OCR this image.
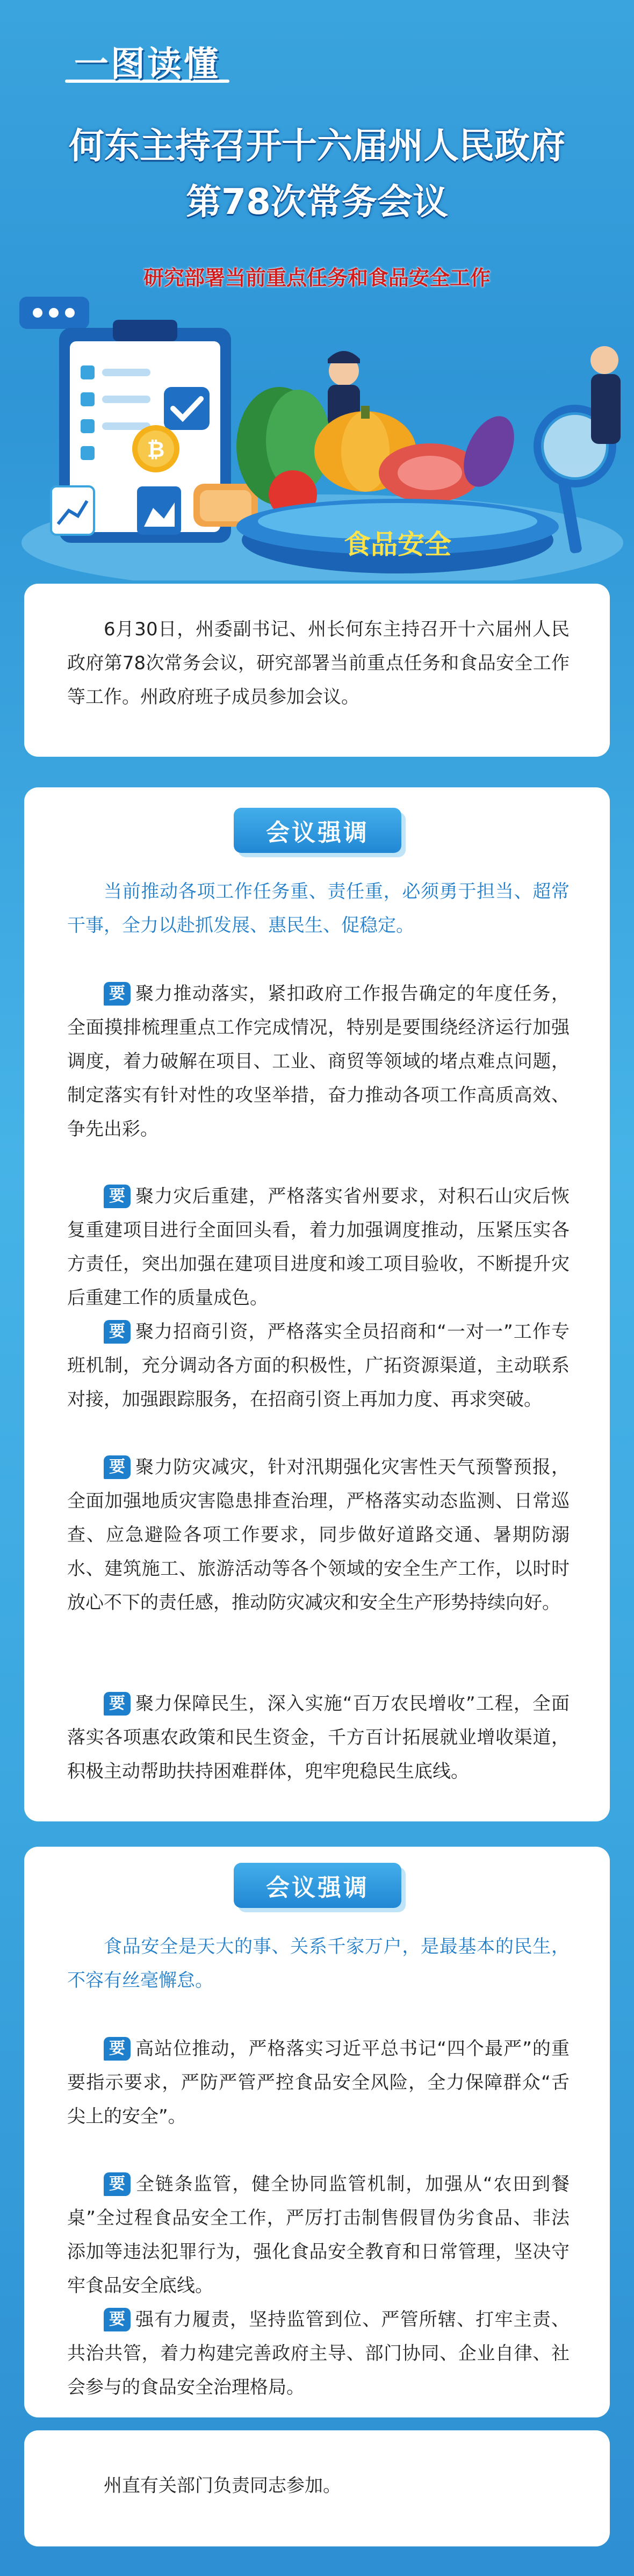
一图读懂
何东主持召开十六届州人民政府
第78次常务会议
研究部署当前重点任务和食品安全工作
₿
食品安全

6月30日，州委副书记、州长何东主持召开十六届州人民政府第78次常务会议，研究部署当前重点任务和食品安全工作等工作。州政府班子成员参加会议。

会议强调

当前推动各项工作任务重、责任重，必须勇于担当、超常干事，全力以赴抓发展、惠民生、促稳定。

要 聚力推动落实，紧扣政府工作报告确定的年度任务，全面摸排梳理重点工作完成情况，特别是要围绕经济运行加强调度，着力破解在项目、工业、商贸等领域的堵点难点问题，制定落实有针对性的攻坚举措，奋力推动各项工作高质高效、争先出彩。

要 聚力灾后重建，严格落实省州要求，对积石山灾后恢复重建项目进行全面回头看，着力加强调度推动，压紧压实各方责任，突出加强在建项目进度和竣工项目验收，不断提升灾后重建工作的质量成色。

要 聚力招商引资，严格落实全员招商和“一对一”工作专班机制，充分调动各方面的积极性，广拓资源渠道，主动联系对接，加强跟踪服务，在招商引资上再加力度、再求突破。

要 聚力防灾减灾，针对汛期强化灾害性天气预警预报，全面加强地质灾害隐患排查治理，严格落实动态监测、日常巡查、应急避险各项工作要求，同步做好道路交通、暑期防溺水、建筑施工、旅游活动等各个领域的安全生产工作，以时时放心不下的责任感，推动防灾减灾和安全生产形势持续向好。

要 聚力保障民生，深入实施“百万农民增收”工程，全面落实各项惠农政策和民生资金，千方百计拓展就业增收渠道，积极主动帮助扶持困难群体，兜牢兜稳民生底线。

会议强调

食品安全是天大的事、关系千家万户，是最基本的民生，不容有丝毫懈怠。

要 高站位推动，严格落实习近平总书记“四个最严”的重要指示要求，严防严管严控食品安全风险，全力保障群众“舌尖上的安全”。

要 全链条监管，健全协同监管机制，加强从“农田到餐桌”全过程食品安全工作，严厉打击制售假冒伪劣食品、非法添加等违法犯罪行为，强化食品安全教育和日常管理，坚决守牢食品安全底线。

要 强有力履责，坚持监管到位、严管所辖、打牢主责、共治共管，着力构建完善政府主导、部门协同、企业自律、社会参与的食品安全治理格局。

州直有关部门负责同志参加。
